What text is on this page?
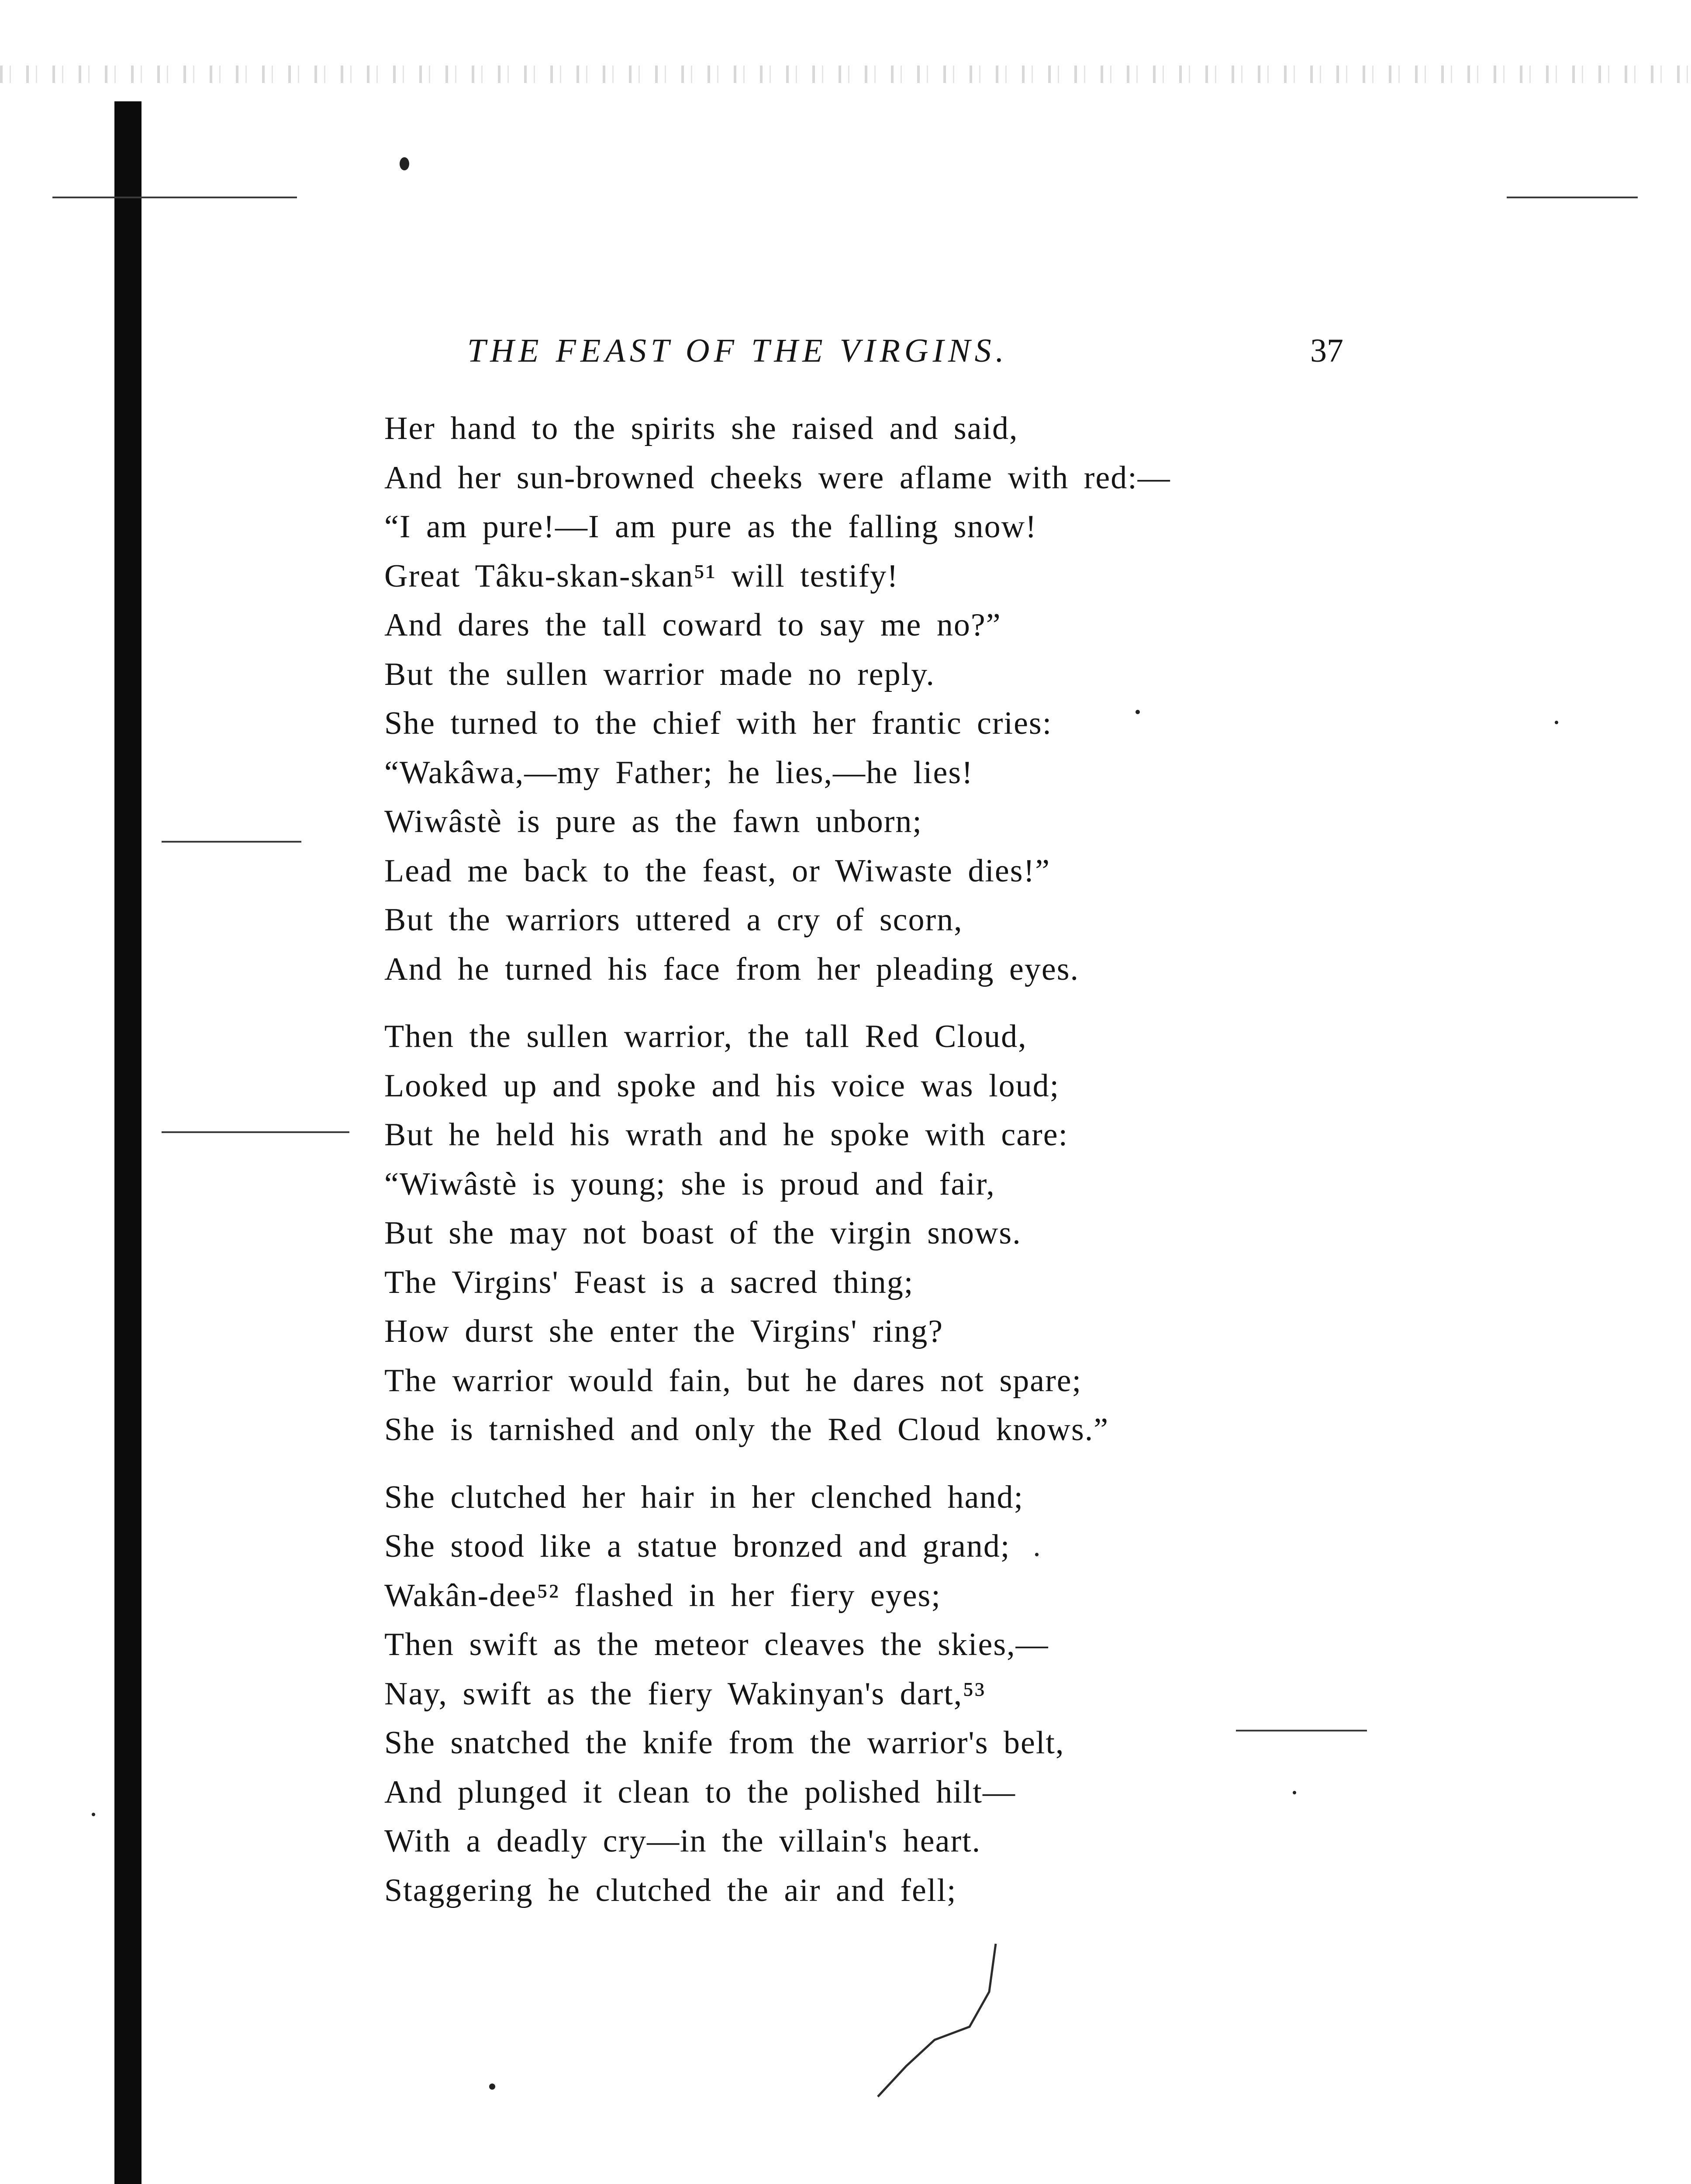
THE FEAST OF THE VIRGINS.	37
Her hand to the spirits she raised and said,
And her sun-browned cheeks were aflame with red:—
“I am pure!—I am pure as the falling snow!
Great Tâku-skan-skan⁵¹ will testify!
And dares the tall coward to say me no?”
But the sullen warrior made no reply.
She turned to the chief with her frantic cries:
“Wakâwa,—my Father; he lies,—he lies!
Wiwâstè is pure as the fawn unborn;
Lead me back to the feast, or Wiwaste dies!”
But the warriors uttered a cry of scorn,
And he turned his face from her pleading eyes.
Then the sullen warrior, the tall Red Cloud,
Looked up and spoke and his voice was loud;
But he held his wrath and he spoke with care:
“Wiwâstè is young; she is proud and fair,
But she may not boast of the virgin snows.
The Virgins' Feast is a sacred thing;
How durst she enter the Virgins' ring?
The warrior would fain, but he dares not spare;
She is tarnished and only the Red Cloud knows.”
She clutched her hair in her clenched hand;
She stood like a statue bronzed and grand;
Wakân-dee⁵² flashed in her fiery eyes;
Then swift as the meteor cleaves the skies,—
Nay, swift as the fiery Wakinyan's dart,⁵³
She snatched the knife from the warrior's belt,
And plunged it clean to the polished hilt—
With a deadly cry—in the villain's heart.
Staggering he clutched the air and fell;
